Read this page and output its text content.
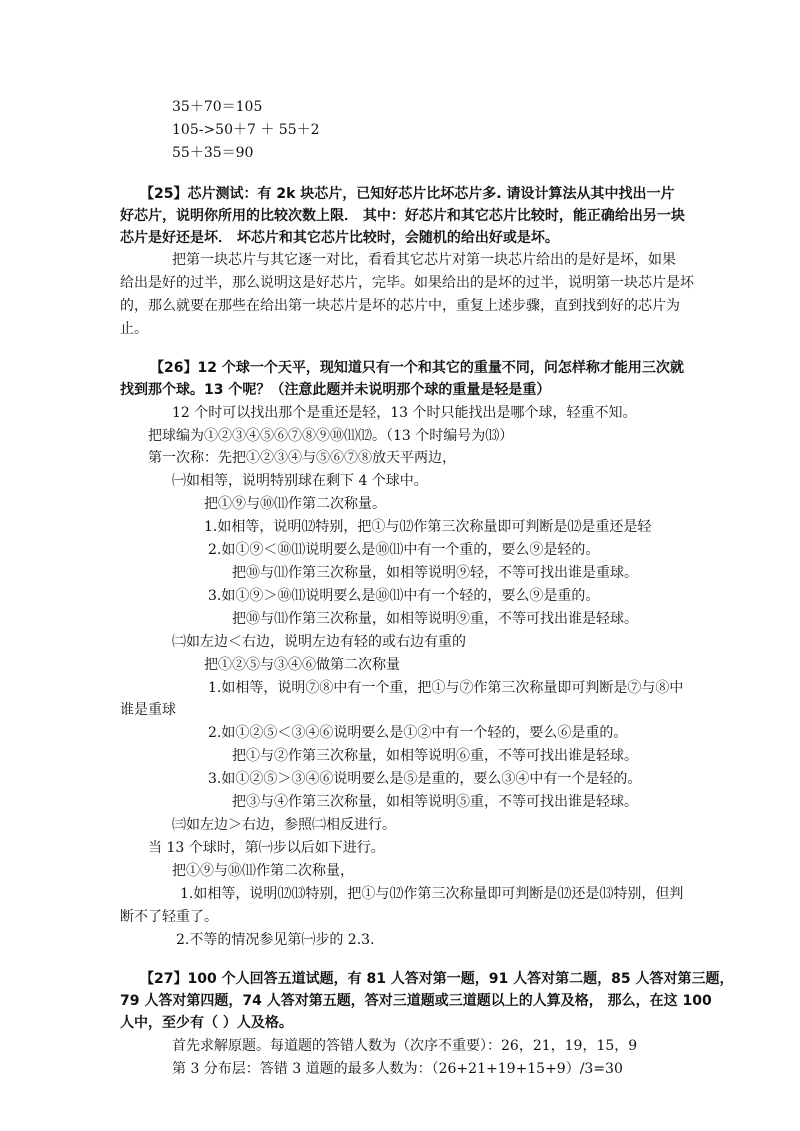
35＋70＝105
105->50＋7 ＋ 55＋2
55＋35＝90
【25】芯片测试：有 2k 块芯片，已知好芯片比坏芯片多. 请设计算法从其中找出一片
好芯片，说明你所用的比较次数上限． 其中：好芯片和其它芯片比较时，能正确给出另一块
芯片是好还是坏． 坏芯片和其它芯片比较时，会随机的给出好或是坏。
把第一块芯片与其它逐一对比，看看其它芯片对第一块芯片给出的是好是坏，如果
给出是好的过半，那么说明这是好芯片，完毕。如果给出的是坏的过半，说明第一块芯片是坏
的，那么就要在那些在给出第一块芯片是坏的芯片中，重复上述步骤，直到找到好的芯片为
止。
【26】12 个球一个天平，现知道只有一个和其它的重量不同，问怎样称才能用三次就
找到那个球。13 个呢？（注意此题并未说明那个球的重量是轻是重）
12 个时可以找出那个是重还是轻，13 个时只能找出是哪个球，轻重不知。
把球编为①②③④⑤⑥⑦⑧⑨⑩⑾⑿。（13 个时编号为⒀）
第一次称：先把①②③④与⑤⑥⑦⑧放天平两边，
㈠如相等，说明特别球在剩下 4 个球中。
把①⑨与⑩⑾作第二次称量。
1.如相等，说明⑿特别，把①与⑿作第三次称量即可判断是⑿是重还是轻
2.如①⑨＜⑩⑾说明要么是⑩⑾中有一个重的，要么⑨是轻的。
把⑩与⑾作第三次称量，如相等说明⑨轻，不等可找出谁是重球。
3.如①⑨＞⑩⑾说明要么是⑩⑾中有一个轻的，要么⑨是重的。
把⑩与⑾作第三次称量，如相等说明⑨重，不等可找出谁是轻球。
㈡如左边＜右边，说明左边有轻的或右边有重的
把①②⑤与③④⑥做第二次称量
1.如相等，说明⑦⑧中有一个重，把①与⑦作第三次称量即可判断是⑦与⑧中
谁是重球
2.如①②⑤＜③④⑥说明要么是①②中有一个轻的，要么⑥是重的。
把①与②作第三次称量，如相等说明⑥重，不等可找出谁是轻球。
3.如①②⑤＞③④⑥说明要么是⑤是重的，要么③④中有一个是轻的。
把③与④作第三次称量，如相等说明⑤重，不等可找出谁是轻球。
㈢如左边＞右边，参照㈡相反进行。
当 13 个球时，第㈠步以后如下进行。
把①⑨与⑩⑾作第二次称量，
1.如相等，说明⑿⒀特别，把①与⑿作第三次称量即可判断是⑿还是⒀特别，但判
断不了轻重了。
2.不等的情况参见第㈠步的 2.3.
【27】100 个人回答五道试题，有 81 人答对第一题，91 人答对第二题，85 人答对第三题，
79 人答对第四题，74 人答对第五题，答对三道题或三道题以上的人算及格， 那么，在这 100
人中，至少有（ ）人及格。
首先求解原题。每道题的答错人数为（次序不重要）：26，21，19，15，9
第 3 分布层：答错 3 道题的最多人数为：（26+21+19+15+9）/3=30
